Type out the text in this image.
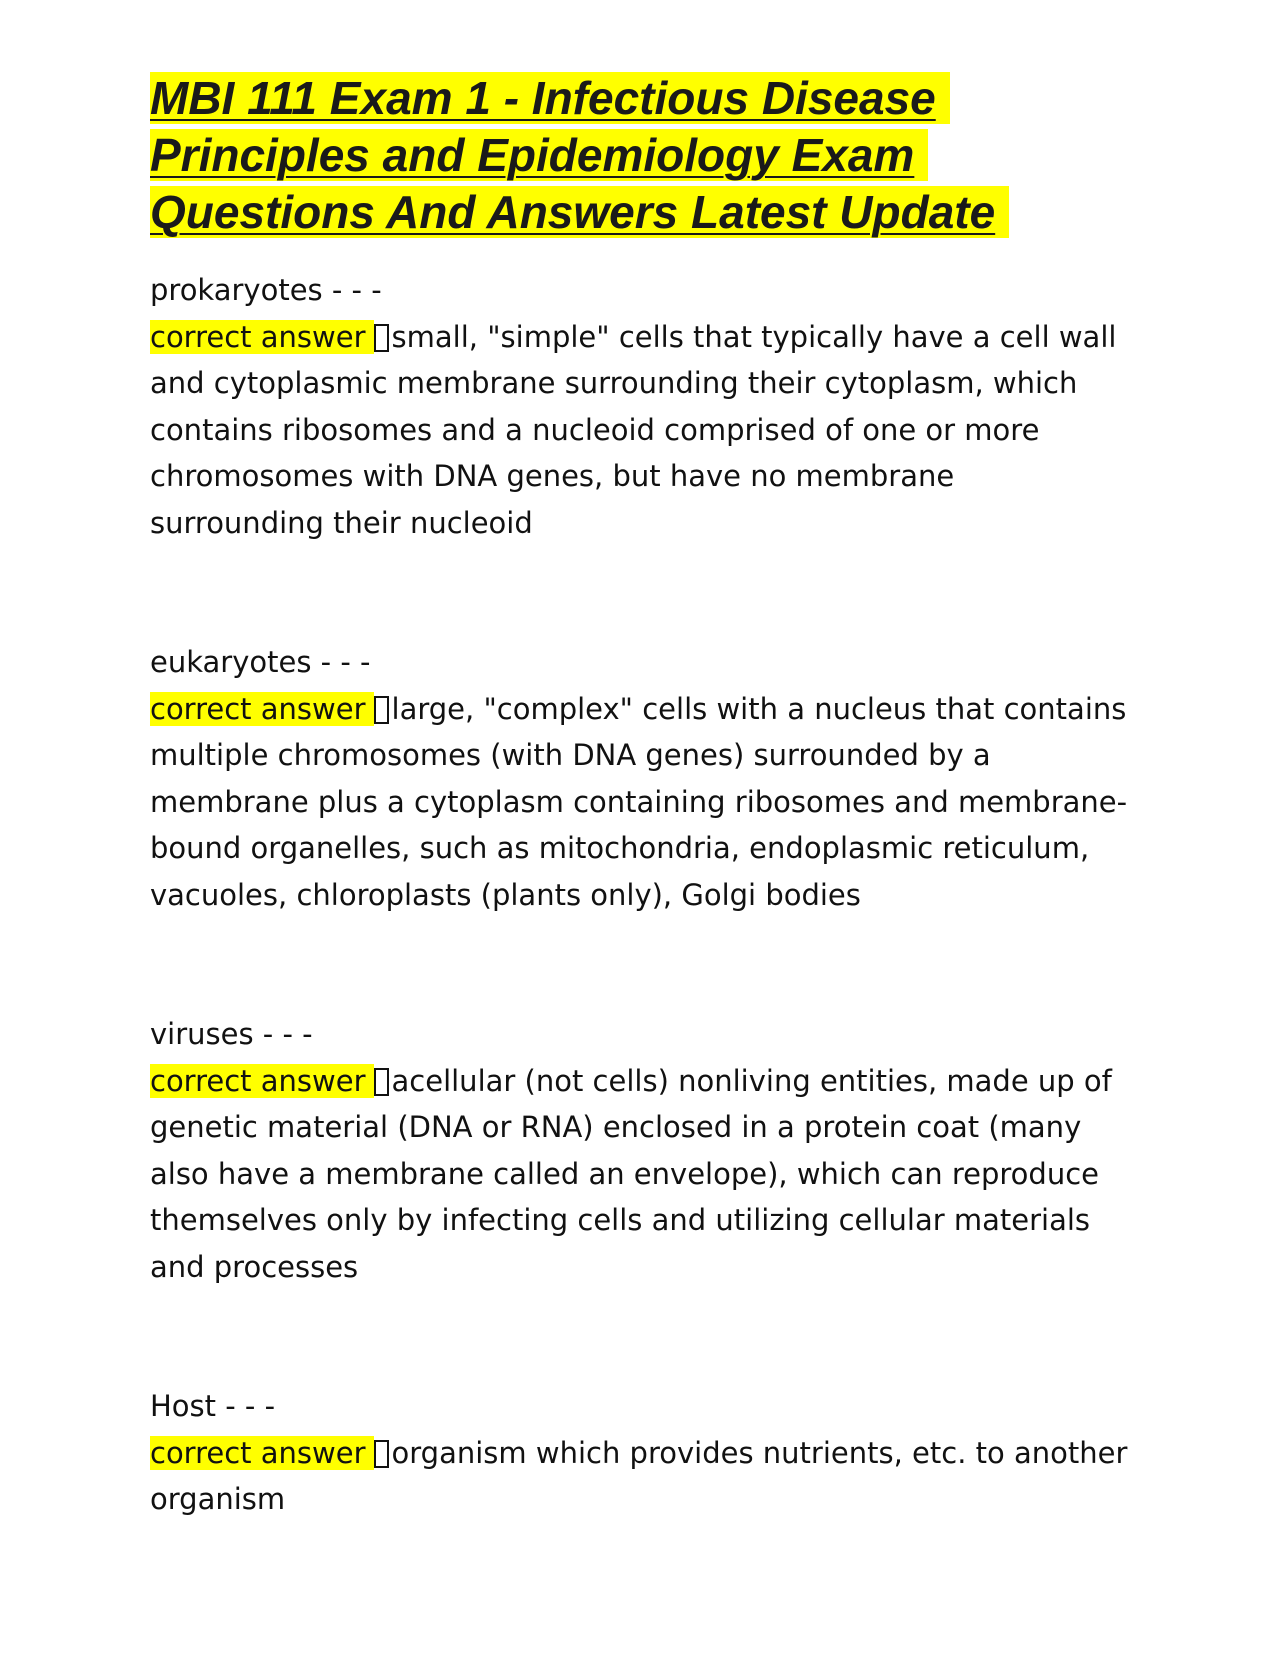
MBI 111 Exam 1 - Infectious Disease Principles and Epidemiology Exam Questions And Answers Latest Update

prokaryotes - - -
correct answer small, "simple" cells that typically have a cell wall and cytoplasmic membrane surrounding their cytoplasm, which contains ribosomes and a nucleoid comprised of one or more chromosomes with DNA genes, but have no membrane surrounding their nucleoid

eukaryotes - - -
correct answer large, "complex" cells with a nucleus that contains multiple chromosomes (with DNA genes) surrounded by a membrane plus a cytoplasm containing ribosomes and membrane-bound organelles, such as mitochondria, endoplasmic reticulum, vacuoles, chloroplasts (plants only), Golgi bodies

viruses - - -
correct answer acellular (not cells) nonliving entities, made up of genetic material (DNA or RNA) enclosed in a protein coat (many also have a membrane called an envelope), which can reproduce themselves only by infecting cells and utilizing cellular materials and processes

Host - - -
correct answer organism which provides nutrients, etc. to another organism
